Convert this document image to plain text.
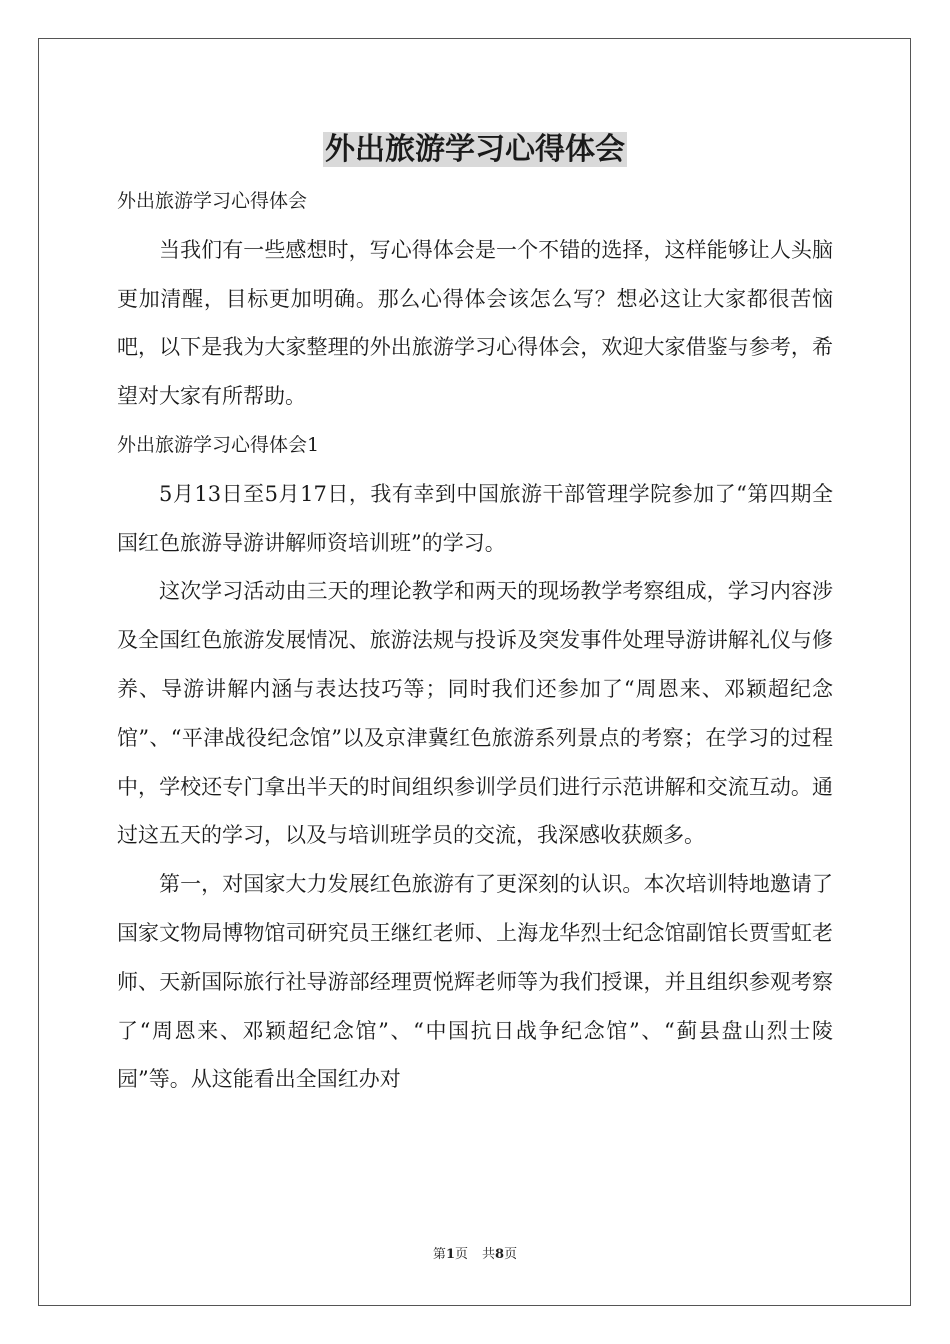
外出旅游学习心得体会

外出旅游学习心得体会

当我们有一些感想时，写心得体会是一个不错的选择，这样能够让人头脑更加清醒，目标更加明确。那么心得体会该怎么写？想必这让大家都很苦恼吧，以下是我为大家整理的外出旅游学习心得体会，欢迎大家借鉴与参考，希望对大家有所帮助。

外出旅游学习心得体会1

5月13日至5月17日，我有幸到中国旅游干部管理学院参加了“第四期全国红色旅游导游讲解师资培训班”的学习。

这次学习活动由三天的理论教学和两天的现场教学考察组成，学习内容涉及全国红色旅游发展情况、旅游法规与投诉及突发事件处理导游讲解礼仪与修养、导游讲解内涵与表达技巧等；同时我们还参加了“周恩来、邓颖超纪念馆”、“平津战役纪念馆”以及京津冀红色旅游系列景点的考察；在学习的过程中，学校还专门拿出半天的时间组织参训学员们进行示范讲解和交流互动。通过这五天的学习，以及与培训班学员的交流，我深感收获颇多。

第一，对国家大力发展红色旅游有了更深刻的认识。本次培训特地邀请了国家文物局博物馆司研究员王继红老师、上海龙华烈士纪念馆副馆长贾雪虹老师、天新国际旅行社导游部经理贾悦辉老师等为我们授课，并且组织参观考察了“周恩来、邓颖超纪念馆”、“中国抗日战争纪念馆”、“蓟县盘山烈士陵园”等。从这能看出全国红办对

第1页 共8页
